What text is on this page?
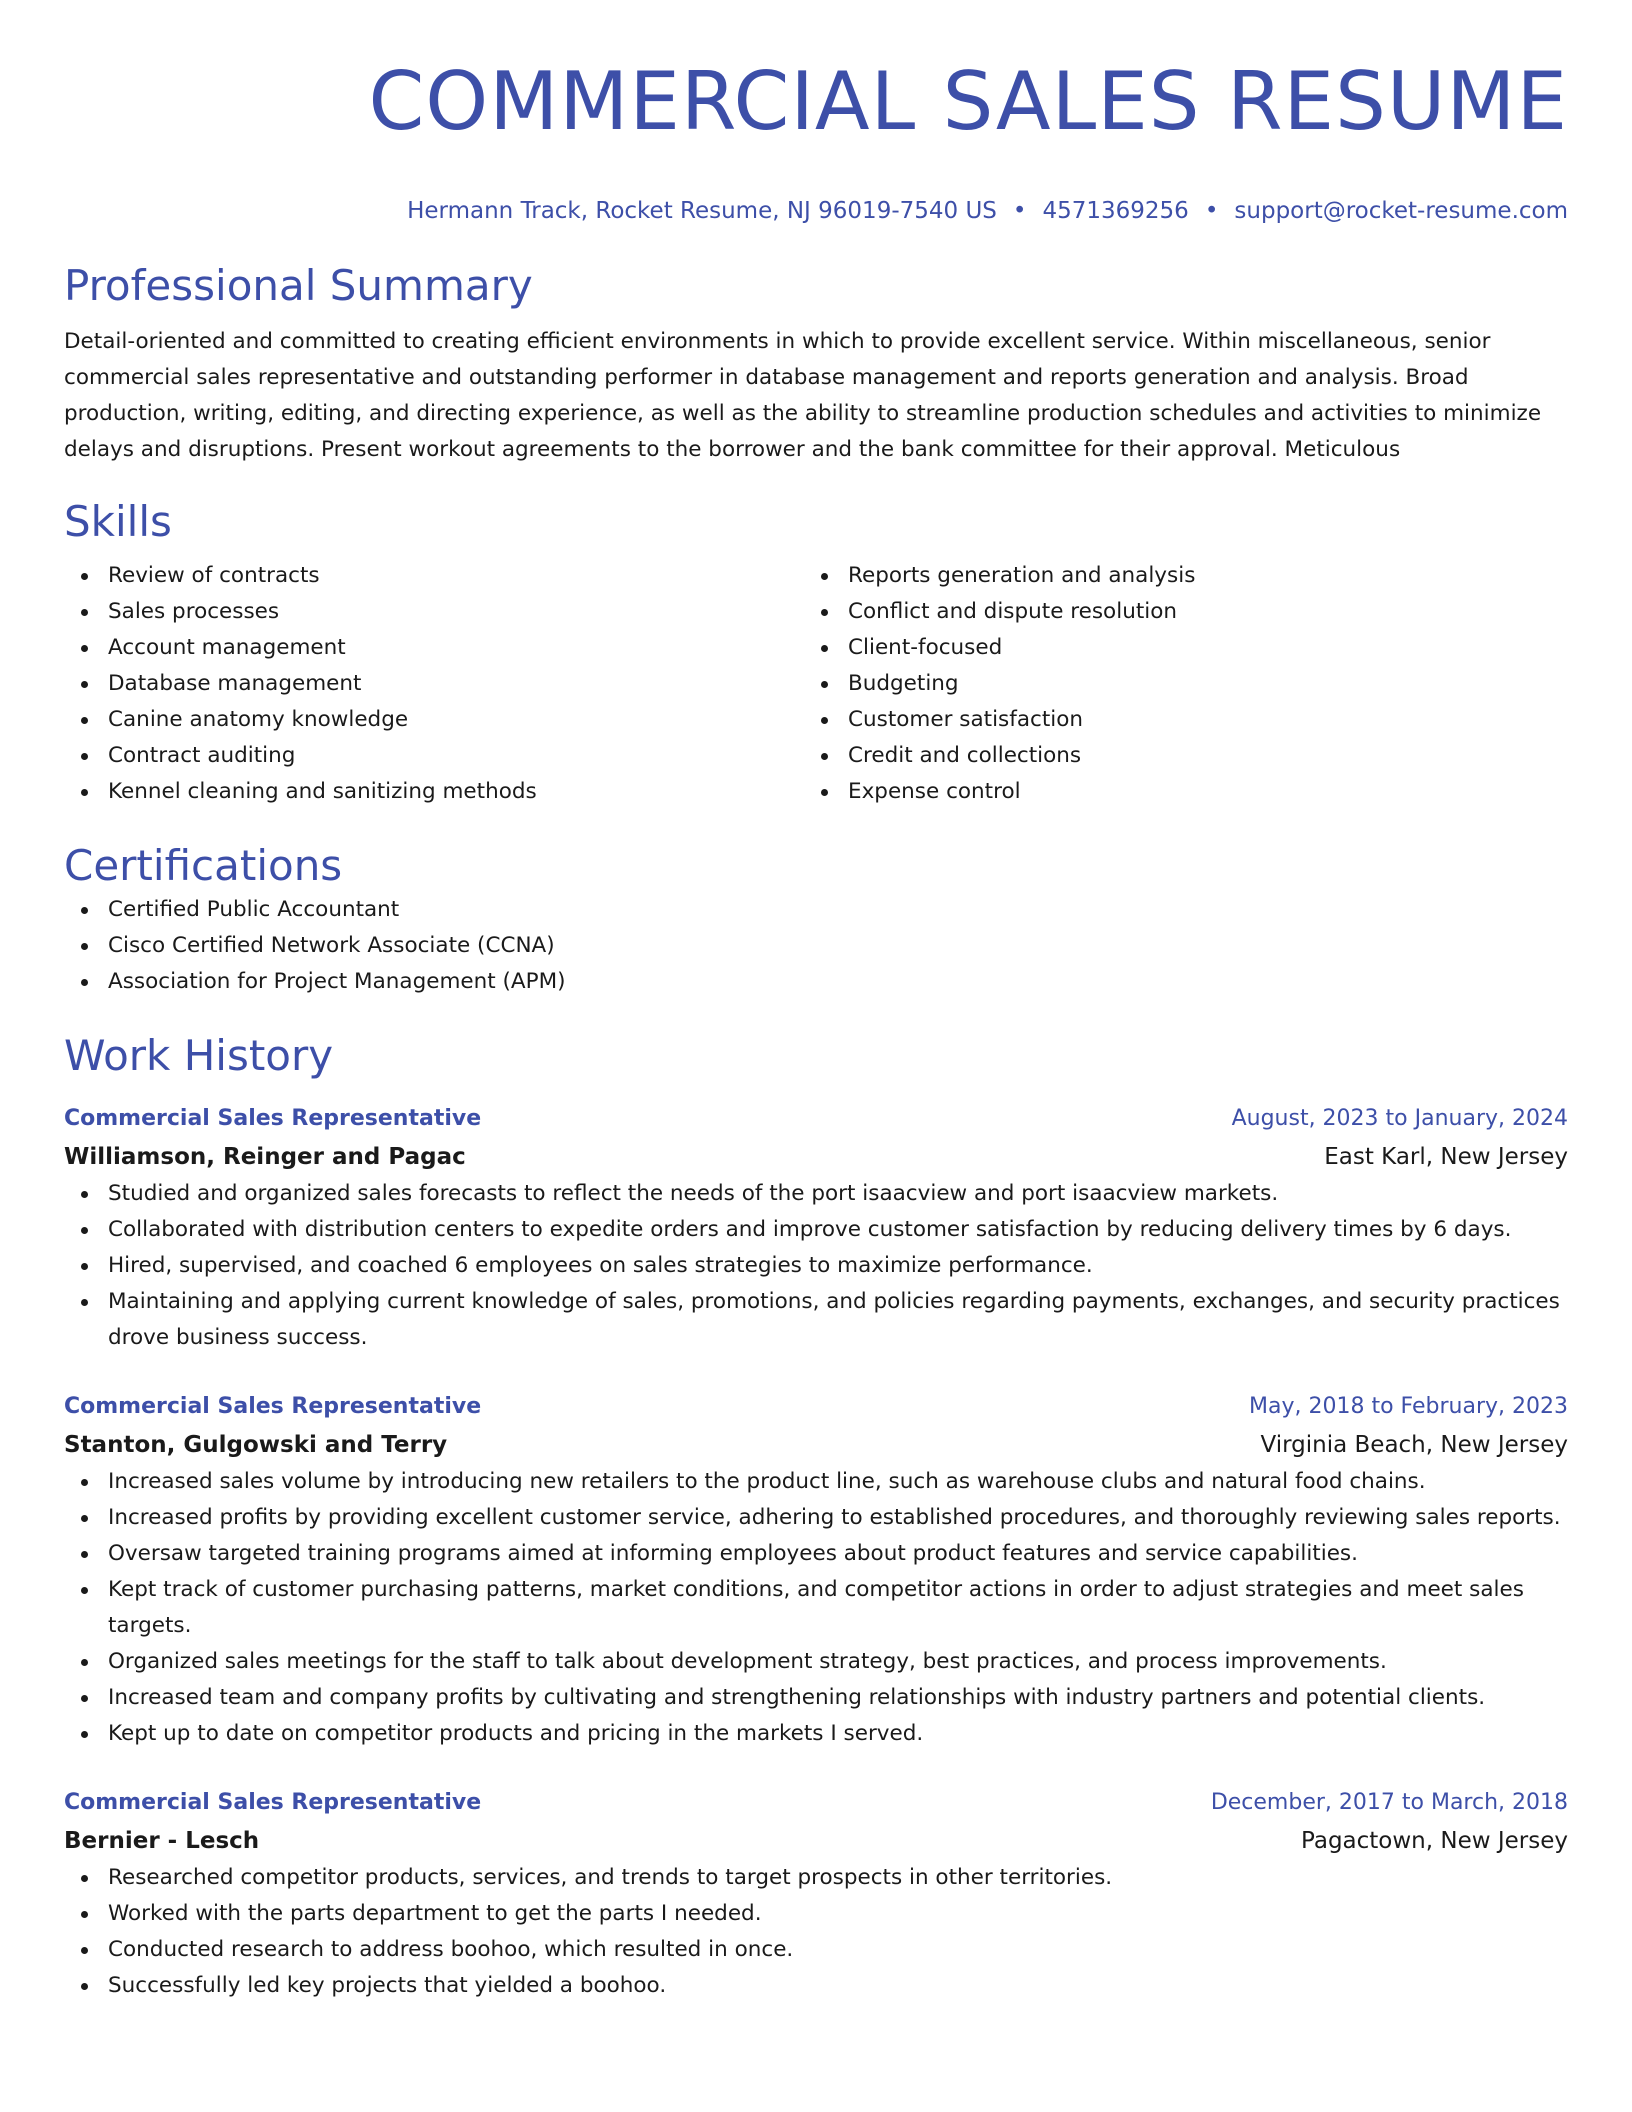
COMMERCIAL SALES RESUME
Hermann Track, Rocket Resume, NJ 96019-7540 US • 4571369256 • support@rocket-resume.com
Professional Summary

Detail-oriented and committed to creating efficient environments in which to provide excellent service. Within miscellaneous, senior commercial sales representative and outstanding performer in database management and reports generation and analysis. Broad production, writing, editing, and directing experience, as well as the ability to streamline production schedules and activities to minimize delays and disruptions. Present workout agreements to the borrower and the bank committee for their approval. Meticulous

Skills
Review of contracts
Sales processes
Account management
Database management
Canine anatomy knowledge
Contract auditing
Kennel cleaning and sanitizing methods
Reports generation and analysis
Conflict and dispute resolution
Client-focused
Budgeting
Customer satisfaction
Credit and collections
Expense control
Certifications
Certified Public Accountant
Cisco Certified Network Associate (CCNA)
Association for Project Management (APM)
Work History
Commercial Sales Representative	August, 2023 to January, 2024
Williamson, Reinger and Pagac	East Karl, New Jersey
Studied and organized sales forecasts to reflect the needs of the port isaacview and port isaacview markets.
Collaborated with distribution centers to expedite orders and improve customer satisfaction by reducing delivery times by 6 days.
Hired, supervised, and coached 6 employees on sales strategies to maximize performance.
Maintaining and applying current knowledge of sales, promotions, and policies regarding payments, exchanges, and security practices drove business success.
Commercial Sales Representative	May, 2018 to February, 2023
Stanton, Gulgowski and Terry	Virginia Beach, New Jersey
Increased sales volume by introducing new retailers to the product line, such as warehouse clubs and natural food chains.
Increased profits by providing excellent customer service, adhering to established procedures, and thoroughly reviewing sales reports.
Oversaw targeted training programs aimed at informing employees about product features and service capabilities.
Kept track of customer purchasing patterns, market conditions, and competitor actions in order to adjust strategies and meet sales targets.
Organized sales meetings for the staff to talk about development strategy, best practices, and process improvements.
Increased team and company profits by cultivating and strengthening relationships with industry partners and potential clients.
Kept up to date on competitor products and pricing in the markets I served.
Commercial Sales Representative	December, 2017 to March, 2018
Bernier - Lesch	Pagactown, New Jersey
Researched competitor products, services, and trends to target prospects in other territories.
Worked with the parts department to get the parts I needed.
Conducted research to address boohoo, which resulted in once.
Successfully led key projects that yielded a boohoo.
